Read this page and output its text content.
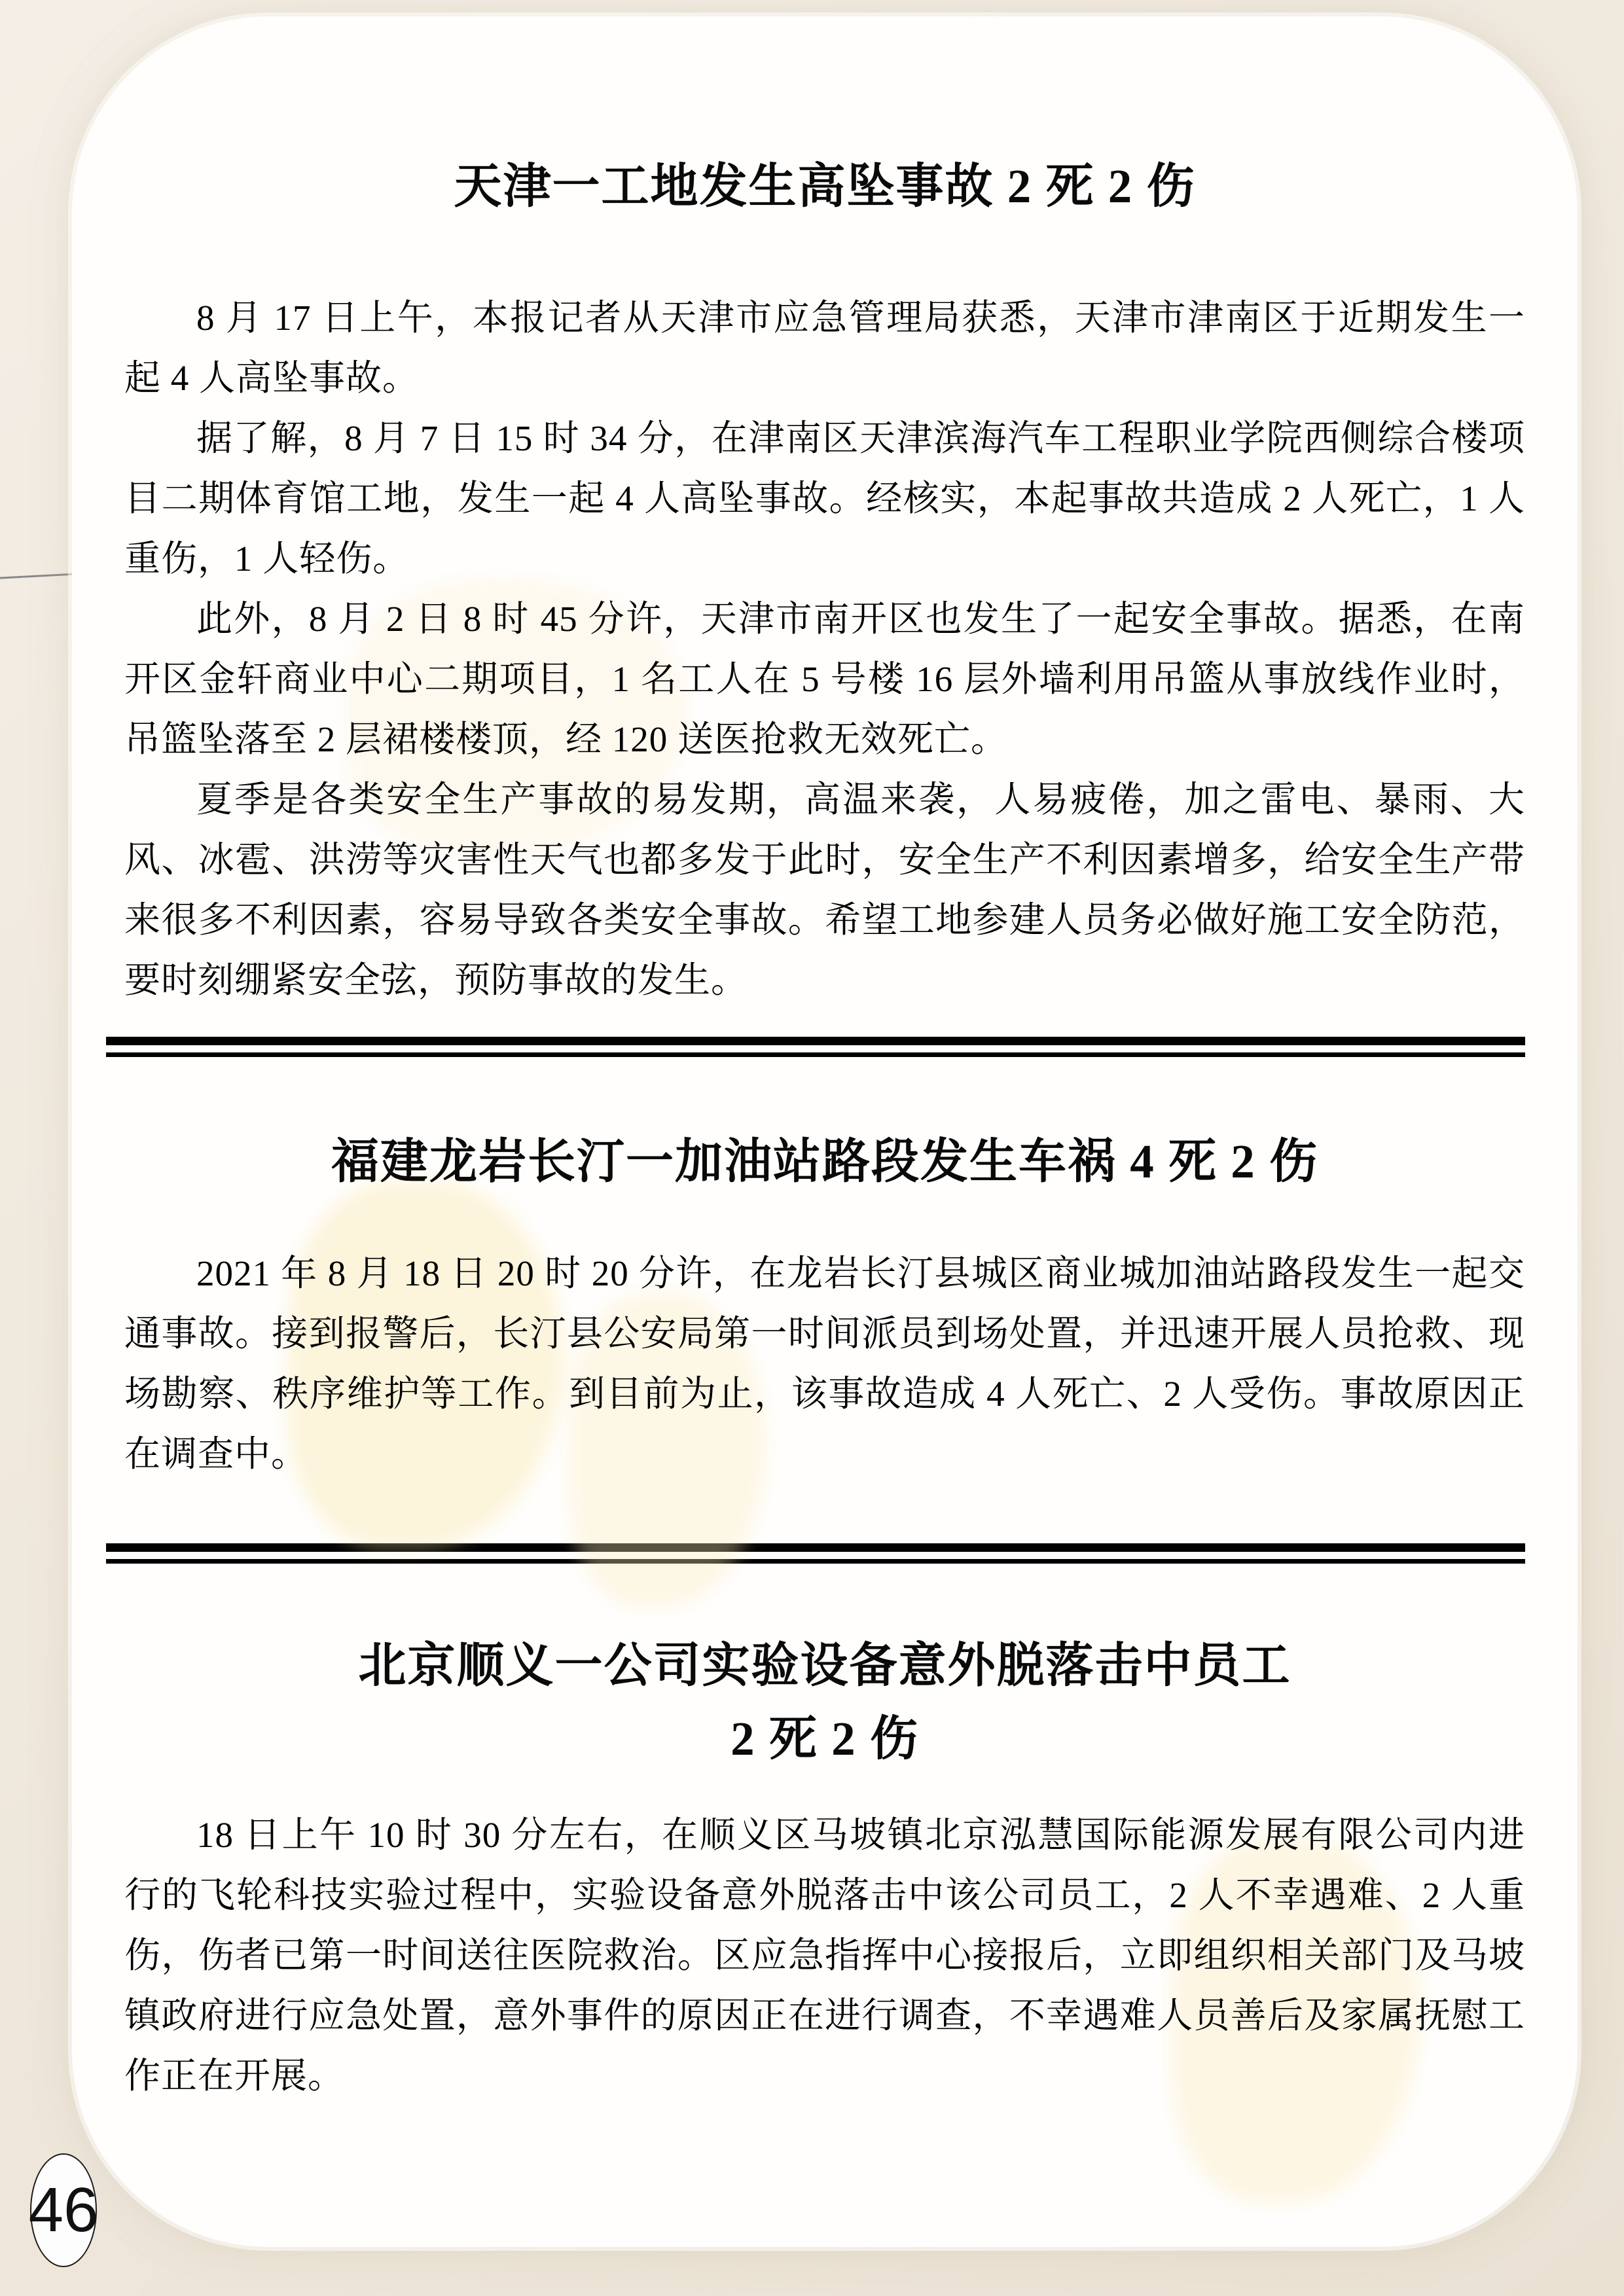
天津一工地发生高坠事故 2 死 2 伤

8 月 17 日上午，本报记者从天津市应急管理局获悉，天津市津南区于近期发生一起 4 人高坠事故。

据了解，8 月 7 日 15 时 34 分，在津南区天津滨海汽车工程职业学院西侧综合楼项目二期体育馆工地，发生一起 4 人高坠事故。经核实，本起事故共造成 2 人死亡，1 人重伤，1 人轻伤。

此外，8 月 2 日 8 时 45 分许，天津市南开区也发生了一起安全事故。据悉，在南开区金轩商业中心二期项目，1 名工人在 5 号楼 16 层外墙利用吊篮从事放线作业时，吊篮坠落至 2 层裙楼楼顶，经 120 送医抢救无效死亡。

夏季是各类安全生产事故的易发期，高温来袭，人易疲倦，加之雷电、暴雨、大风、冰雹、洪涝等灾害性天气也都多发于此时，安全生产不利因素增多，给安全生产带来很多不利因素，容易导致各类安全事故。希望工地参建人员务必做好施工安全防范，要时刻绷紧安全弦，预防事故的发生。

福建龙岩长汀一加油站路段发生车祸 4 死 2 伤

2021 年 8 月 18 日 20 时 20 分许，在龙岩长汀县城区商业城加油站路段发生一起交通事故。接到报警后，长汀县公安局第一时间派员到场处置，并迅速开展人员抢救、现场勘察、秩序维护等工作。到目前为止，该事故造成 4 人死亡、2 人受伤。事故原因正在调查中。

北京顺义一公司实验设备意外脱落击中员工
2 死 2 伤

18 日上午 10 时 30 分左右，在顺义区马坡镇北京泓慧国际能源发展有限公司内进行的飞轮科技实验过程中，实验设备意外脱落击中该公司员工，2 人不幸遇难、2 人重伤，伤者已第一时间送往医院救治。区应急指挥中心接报后，立即组织相关部门及马坡镇政府进行应急处置，意外事件的原因正在进行调查，不幸遇难人员善后及家属抚慰工作正在开展。

46
